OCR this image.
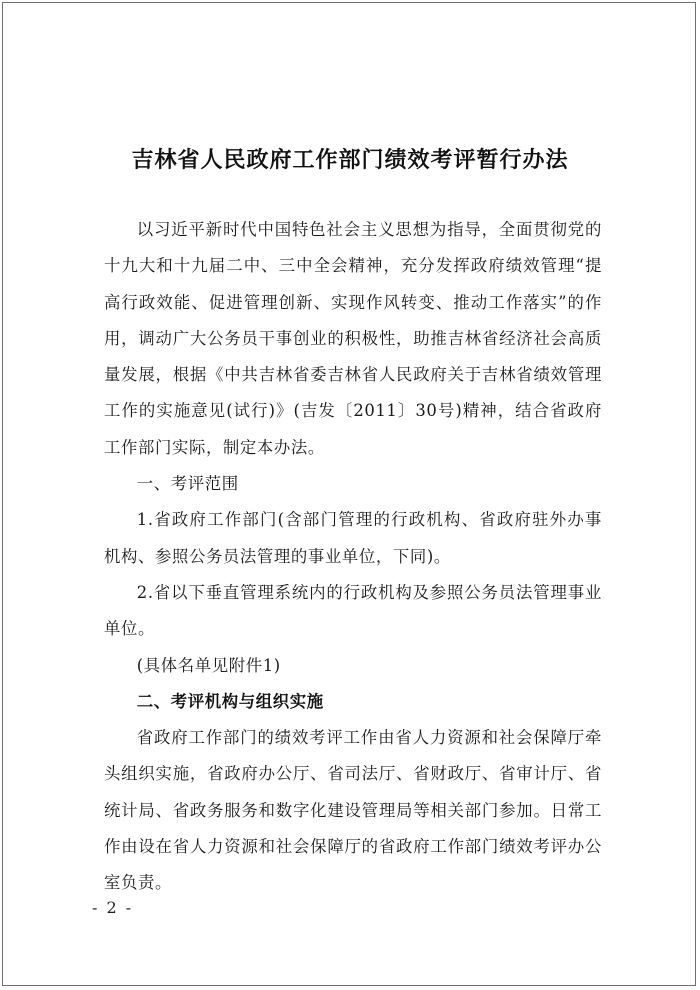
吉林省人民政府工作部门绩效考评暂行办法

以习近平新时代中国特色社会主义思想为指导，全面贯彻党的十九大和十九届二中、三中全会精神，充分发挥政府绩效管理“提高行政效能、促进管理创新、实现作风转变、推动工作落实”的作用，调动广大公务员干事创业的积极性，助推吉林省经济社会高质量发展，根据《中共吉林省委吉林省人民政府关于吉林省绩效管理工作的实施意见(试行)》(吉发〔2011〕30号)精神，结合省政府工作部门实际，制定本办法。

一、考评范围

1.省政府工作部门(含部门管理的行政机构、省政府驻外办事机构、参照公务员法管理的事业单位，下同)。

2.省以下垂直管理系统内的行政机构及参照公务员法管理事业单位。

(具体名单见附件1)

二、考评机构与组织实施

省政府工作部门的绩效考评工作由省人力资源和社会保障厅牵头组织实施，省政府办公厅、省司法厅、省财政厅、省审计厅、省统计局、省政务服务和数字化建设管理局等相关部门参加。日常工作由设在省人力资源和社会保障厅的省政府工作部门绩效考评办公室负责。

- 2 -
